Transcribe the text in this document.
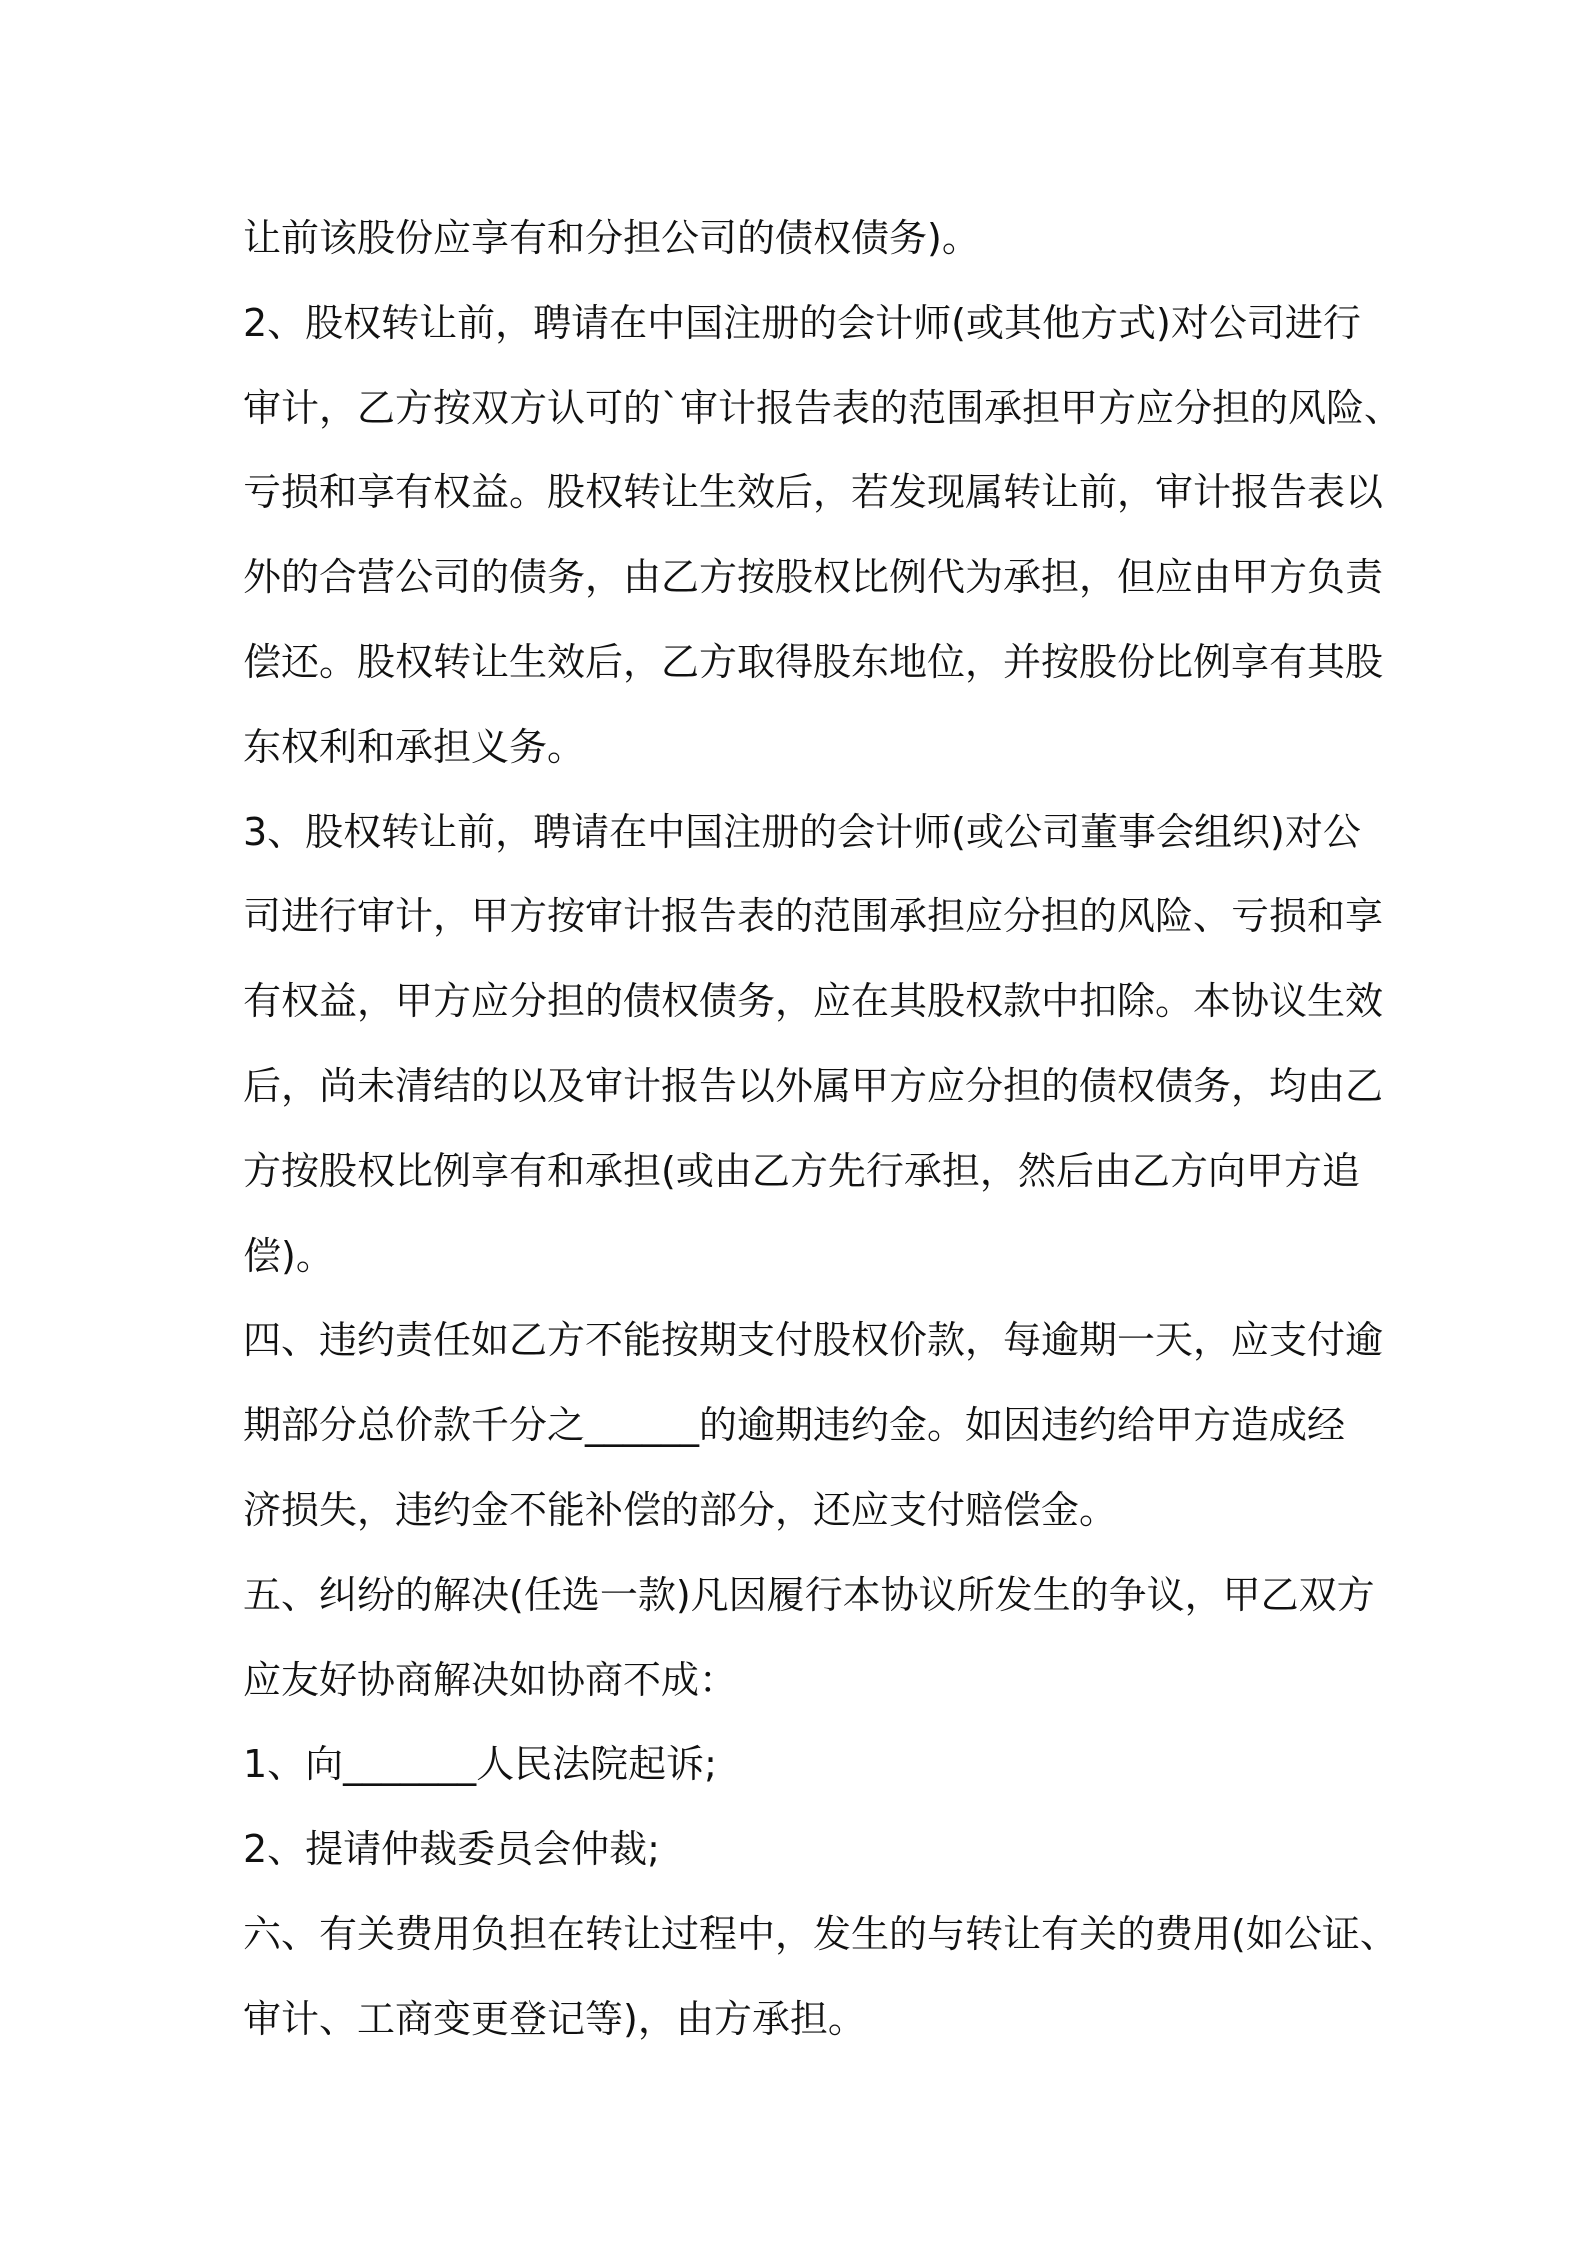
让前该股份应享有和分担公司的债权债务)。
2、股权转让前，聘请在中国注册的会计师(或其他方式)对公司进行
审计，乙方按双方认可的`审计报告表的范围承担甲方应分担的风险、
亏损和享有权益。股权转让生效后，若发现属转让前，审计报告表以
外的合营公司的债务，由乙方按股权比例代为承担，但应由甲方负责
偿还。股权转让生效后，乙方取得股东地位，并按股份比例享有其股
东权利和承担义务。
3、股权转让前，聘请在中国注册的会计师(或公司董事会组织)对公
司进行审计，甲方按审计报告表的范围承担应分担的风险、亏损和享
有权益，甲方应分担的债权债务，应在其股权款中扣除。本协议生效
后，尚未清结的以及审计报告以外属甲方应分担的债权债务，均由乙
方按股权比例享有和承担(或由乙方先行承担，然后由乙方向甲方追
偿)。
四、违约责任如乙方不能按期支付股权价款，每逾期一天，应支付逾
期部分总价款千分之______的逾期违约金。如因违约给甲方造成经
济损失，违约金不能补偿的部分，还应支付赔偿金。
五、纠纷的解决(任选一款)凡因履行本协议所发生的争议，甲乙双方
应友好协商解决如协商不成：
1、向_______人民法院起诉;
2、提请仲裁委员会仲裁;
六、有关费用负担在转让过程中，发生的与转让有关的费用(如公证、
审计、工商变更登记等)，由方承担。
